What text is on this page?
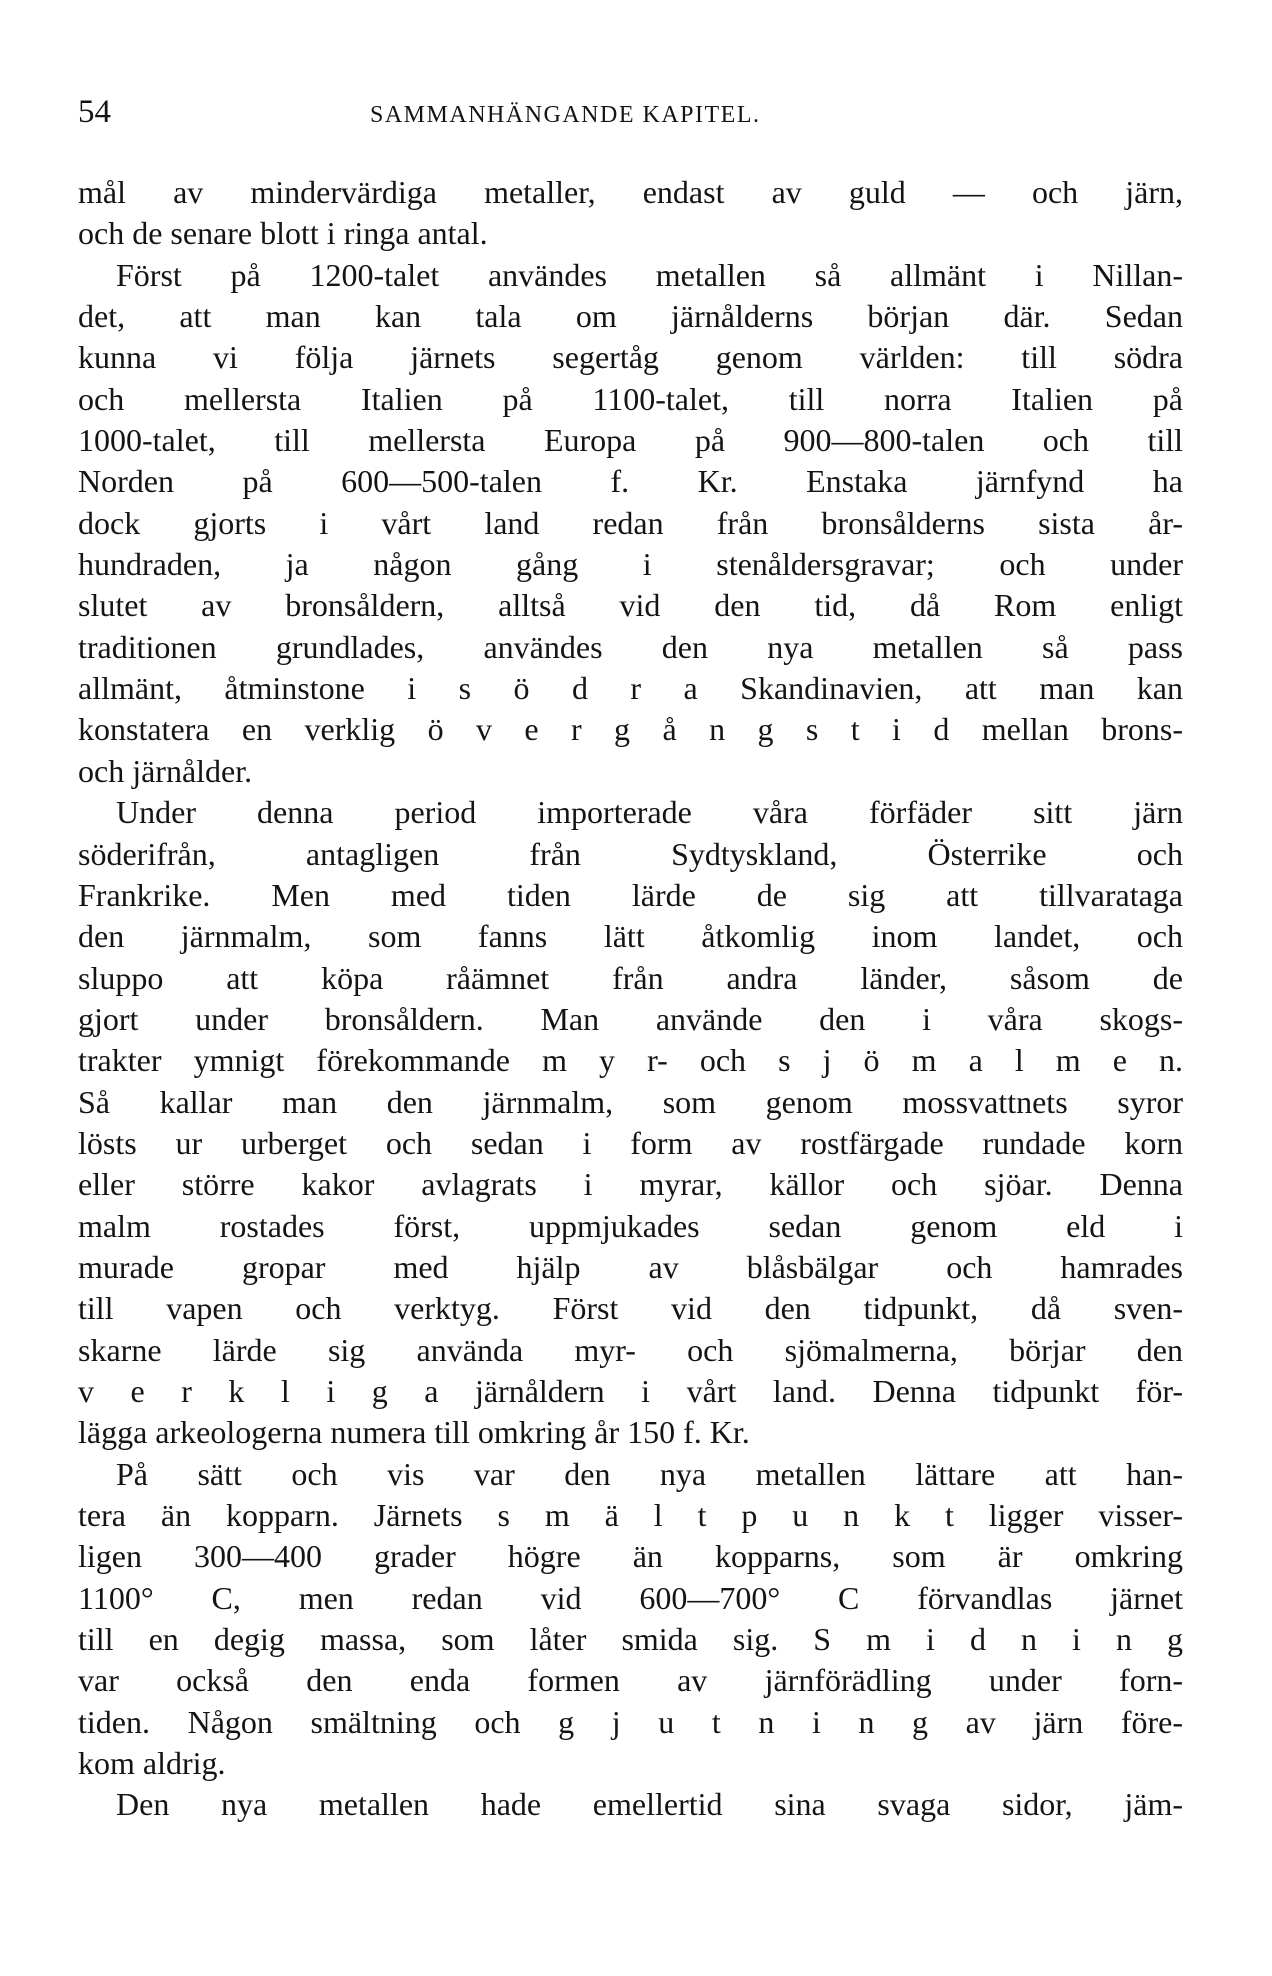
54	SAMMANHÄNGANDE KAPITEL.
mål av mindervärdiga metaller, endast av guld — och järn,
och de senare blott i ringa antal.
Först på 1200-talet användes metallen så allmänt i Nillan-
det, att man kan tala om järnålderns början där. Sedan
kunna vi följa järnets segertåg genom världen: till södra
och mellersta Italien på 1100-talet, till norra Italien på
1000-talet, till mellersta Europa på 900—800-talen och till
Norden på 600—500-talen f. Kr. Enstaka järnfynd ha
dock gjorts i vårt land redan från bronsålderns sista år-
hundraden, ja någon gång i stenåldersgravar; och under
slutet av bronsåldern, alltså vid den tid, då Rom enligt
traditionen grundlades, användes den nya metallen så pass
allmänt, åtminstone i s ö d r a Skandinavien, att man kan
konstatera en verklig ö v e r g å n g s t i d mellan brons-
och järnålder.
Under denna period importerade våra förfäder sitt järn
söderifrån, antagligen från Sydtyskland, Österrike och
Frankrike. Men med tiden lärde de sig att tillvarataga
den järnmalm, som fanns lätt åtkomlig inom landet, och
sluppo att köpa råämnet från andra länder, såsom de
gjort under bronsåldern. Man använde den i våra skogs-
trakter ymnigt förekommande m y r- och s j ö m a l m e n.
Så kallar man den järnmalm, som genom mossvattnets syror
lösts ur urberget och sedan i form av rostfärgade rundade korn
eller större kakor avlagrats i myrar, källor och sjöar. Denna
malm rostades först, uppmjukades sedan genom eld i
murade gropar med hjälp av blåsbälgar och hamrades
till vapen och verktyg. Först vid den tidpunkt, då sven-
skarne lärde sig använda myr- och sjömalmerna, börjar den
v e r k l i g a järnåldern i vårt land. Denna tidpunkt för-
lägga arkeologerna numera till omkring år 150 f. Kr.
På sätt och vis var den nya metallen lättare att han-
tera än kopparn. Järnets s m ä l t p u n k t ligger visser-
ligen 300—400 grader högre än kopparns, som är omkring
1100° C, men redan vid 600—700° C förvandlas järnet
till en degig massa, som låter smida sig. S m i d n i n g
var också den enda formen av järnförädling under forn-
tiden. Någon smältning och g j u t n i n g av järn före-
kom aldrig.
Den nya metallen hade emellertid sina svaga sidor, jäm-
